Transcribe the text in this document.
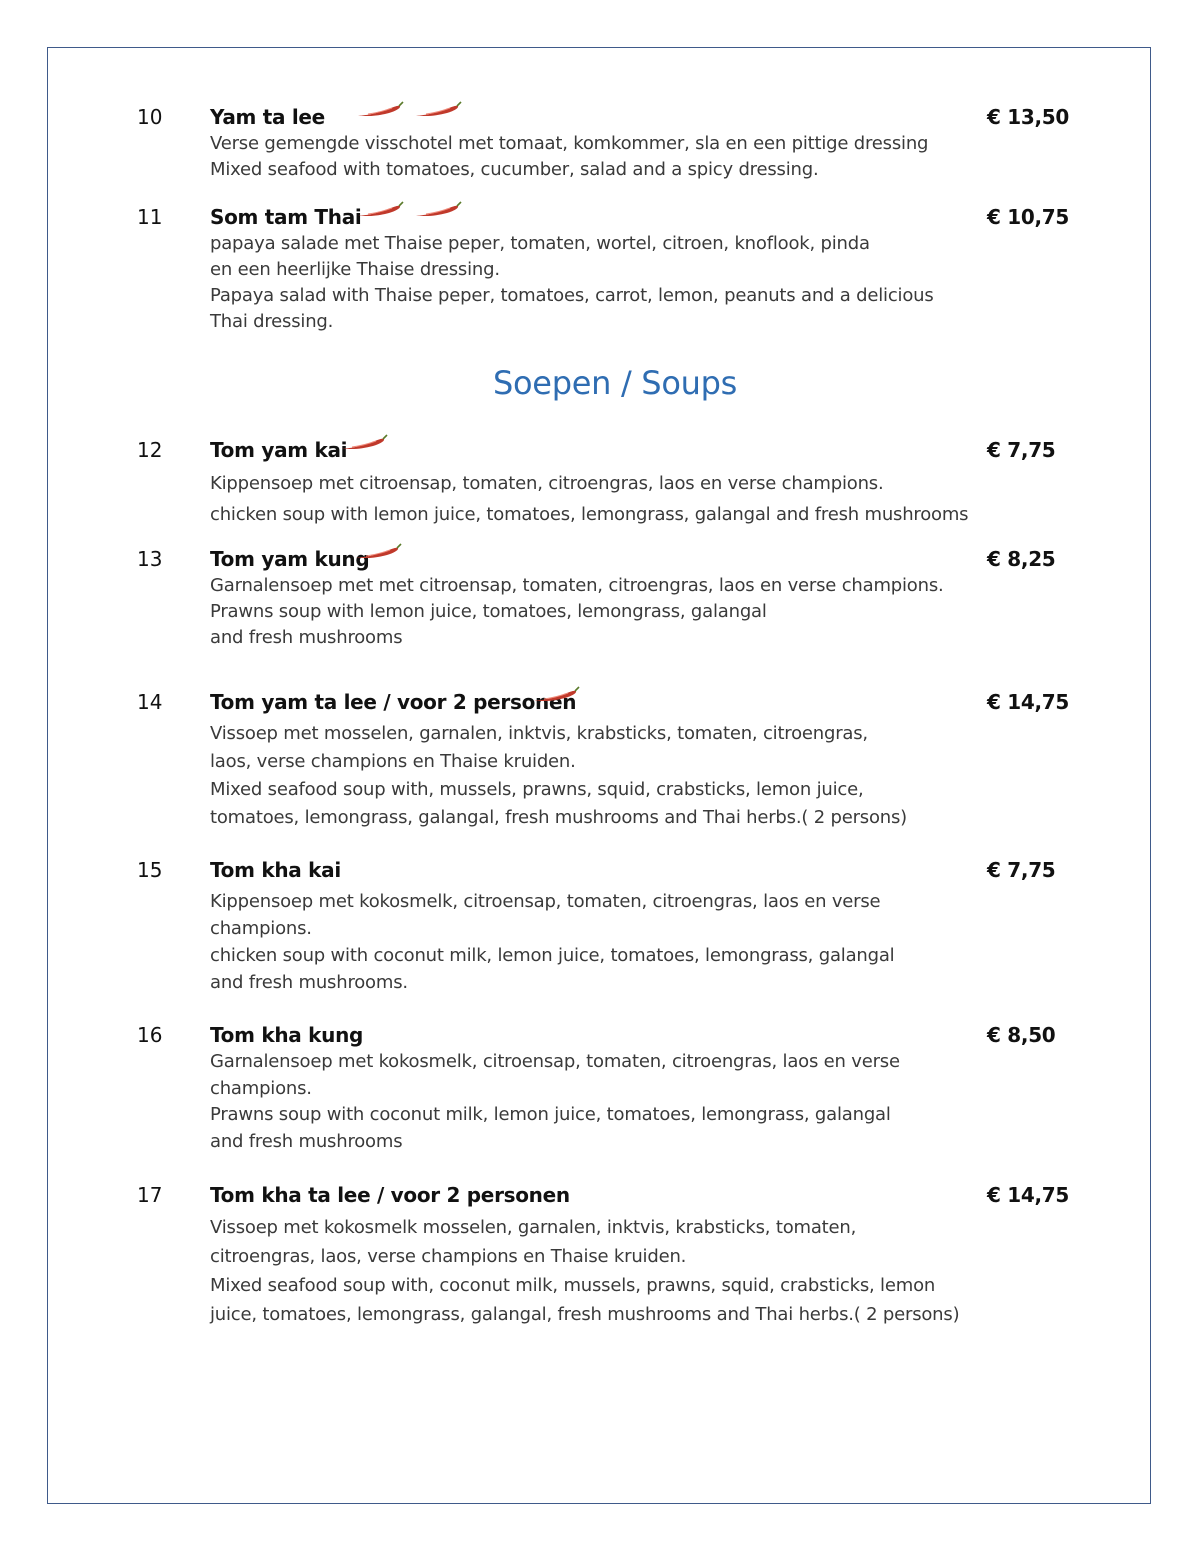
Soepen / Soups
10 Yam ta lee	€ 13,50
Verse gemengde visschotel met tomaat, komkommer, sla en een pittige dressing
Mixed seafood with tomatoes, cucumber, salad and a spicy dressing.
11 Som tam Thai	€ 10,75
papaya salade met Thaise peper, tomaten, wortel, citroen, knoflook, pinda
en een heerlijke Thaise dressing.
Papaya salad with Thaise peper, tomatoes, carrot, lemon, peanuts and a delicious
Thai dressing.
12 Tom yam kai	€ 7,75
Kippensoep met citroensap, tomaten, citroengras, laos en verse champions.
chicken soup with lemon juice, tomatoes, lemongrass, galangal and fresh mushrooms
13 Tom yam kung	€ 8,25
Garnalensoep met met citroensap, tomaten, citroengras, laos en verse champions.
Prawns soup with lemon juice, tomatoes, lemongrass, galangal
and fresh mushrooms
14 Tom yam ta lee / voor 2 personen	€ 14,75
Vissoep met mosselen, garnalen, inktvis, krabsticks, tomaten, citroengras,
laos, verse champions en Thaise kruiden.
Mixed seafood soup with, mussels, prawns, squid, crabsticks, lemon juice,
tomatoes, lemongrass, galangal, fresh mushrooms and Thai herbs.( 2 persons)
15 Tom kha kai	€ 7,75
Kippensoep met kokosmelk, citroensap, tomaten, citroengras, laos en verse
champions.
chicken soup with coconut milk, lemon juice, tomatoes, lemongrass, galangal
and fresh mushrooms.
16 Tom kha kung	€ 8,50
Garnalensoep met kokosmelk, citroensap, tomaten, citroengras, laos en verse
champions.
Prawns soup with coconut milk, lemon juice, tomatoes, lemongrass, galangal
and fresh mushrooms
17 Tom kha ta lee / voor 2 personen	€ 14,75
Vissoep met kokosmelk mosselen, garnalen, inktvis, krabsticks, tomaten,
citroengras, laos, verse champions en Thaise kruiden.
Mixed seafood soup with, coconut milk, mussels, prawns, squid, crabsticks, lemon
juice, tomatoes, lemongrass, galangal, fresh mushrooms and Thai herbs.( 2 persons)
